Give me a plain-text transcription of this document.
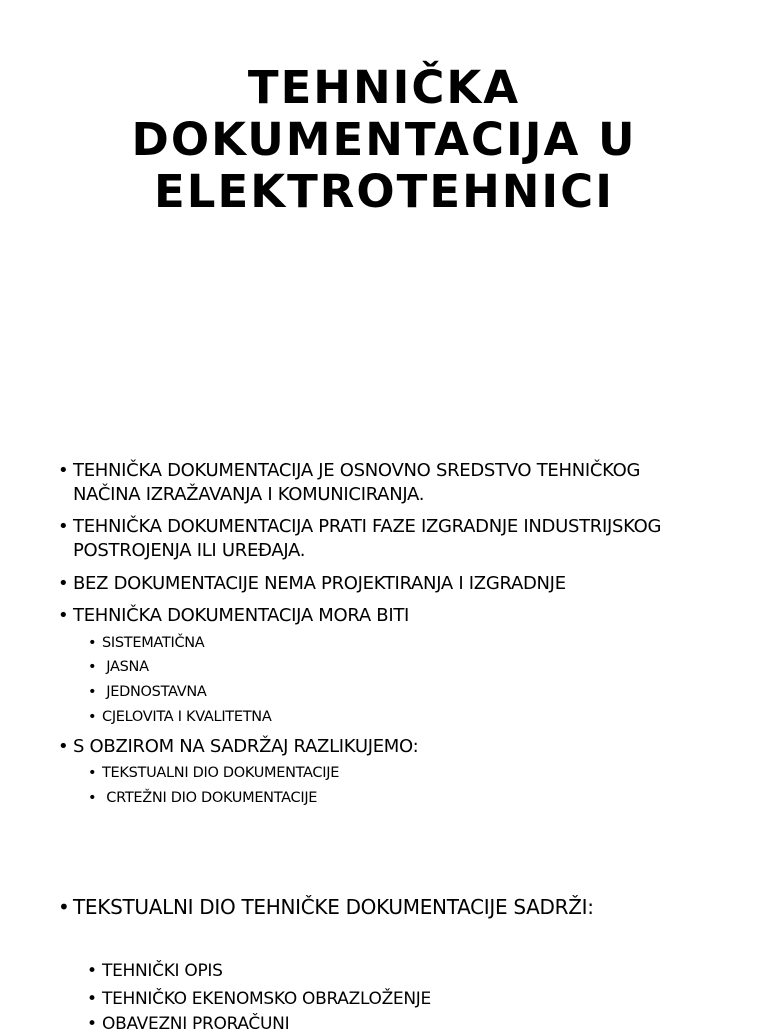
TEHNIČKA
DOKUMENTACIJA U
ELEKTROTEHNICI
• TEHNIČKA DOKUMENTACIJA JE OSNOVNO SREDSTVO TEHNIČKOG
NAČINA IZRAŽAVANJA I KOMUNICIRANJA.
• TEHNIČKA DOKUMENTACIJA PRATI FAZE IZGRADNJE INDUSTRIJSKOG
POSTROJENJA ILI UREĐAJA.
• BEZ DOKUMENTACIJE NEMA PROJEKTIRANJA I IZGRADNJE
• TEHNIČKA DOKUMENTACIJA MORA BITI
• SISTEMATIČNA
• JASNA
• JEDNOSTAVNA
• CJELOVITA I KVALITETNA
• S OBZIROM NA SADRŽAJ RAZLIKUJEMO:
• TEKSTUALNI DIO DOKUMENTACIJE
• CRTEŽNI DIO DOKUMENTACIJE
• TEKSTUALNI DIO TEHNIČKE DOKUMENTACIJE SADRŽI:
• TEHNIČKI OPIS
• TEHNIČKO EKENOMSKO OBRAZLOŽENJE
• OBAVEZNI PRORAČUNI
